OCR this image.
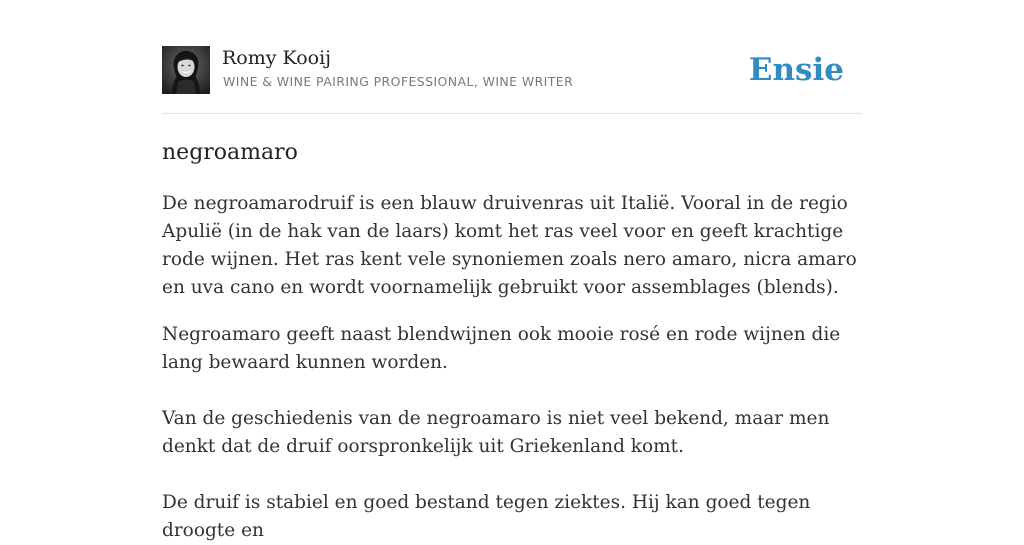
Romy Kooij
WINE & WINE PAIRING PROFESSIONAL, WINE WRITER	Ensie
negroamaro

De negroamarodruif is een blauw druivenras uit Italië. Vooral in de regio Apulië (in de hak van de laars) komt het ras veel voor en geeft krachtige rode wijnen. Het ras kent vele synoniemen zoals nero amaro, nicra amaro en uva cano en wordt voornamelijk gebruikt voor assemblages (blends).

Negroamaro geeft naast blendwijnen ook mooie rosé en rode wijnen die lang bewaard kunnen worden.

Van de geschiedenis van de negroamaro is niet veel bekend, maar men denkt dat de druif oorspronkelijk uit Griekenland komt.

De druif is stabiel en goed bestand tegen ziektes. Hij kan goed tegen droogte en
